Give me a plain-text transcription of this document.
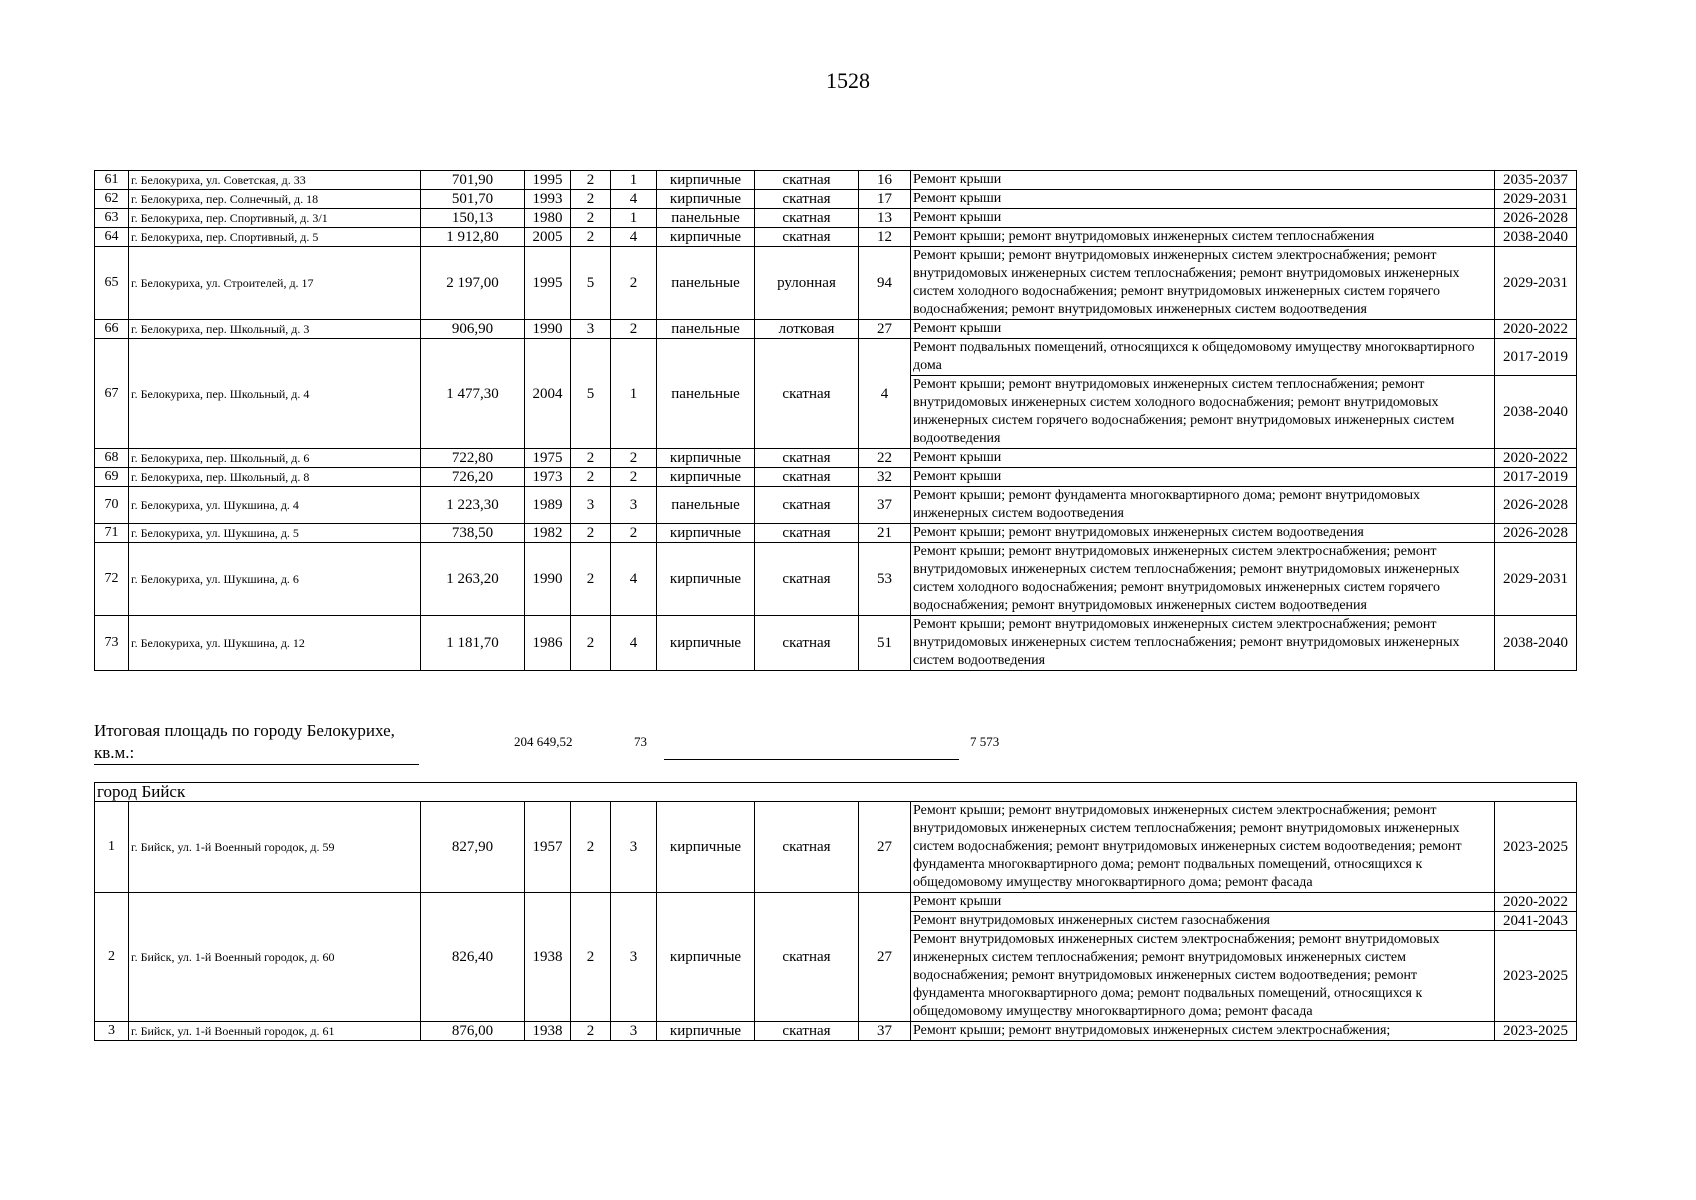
1528
61	г. Белокуриха, ул. Советская, д. 33	701,90	1995	2	1	кирпичные	скатная	16	Ремонт крыши	2035-2037
62	г. Белокуриха, пер. Солнечный, д. 18	501,70	1993	2	4	кирпичные	скатная	17	Ремонт крыши	2029-2031
63	г. Белокуриха, пер. Спортивный, д. 3/1	150,13	1980	2	1	панельные	скатная	13	Ремонт крыши	2026-2028
64	г. Белокуриха, пер. Спортивный, д. 5	1 912,80	2005	2	4	кирпичные	скатная	12	Ремонт крыши; ремонт внутридомовых инженерных систем теплоснабжения	2038-2040
65	г. Белокуриха, ул. Строителей, д. 17	2 197,00	1995	5	2	панельные	рулонная	94	Ремонт крыши; ремонт внутридомовых инженерных систем электроснабжения; ремонт внутридомовых инженерных систем теплоснабжения; ремонт внутридомовых инженерных систем холодного водоснабжения; ремонт внутридомовых инженерных систем горячего водоснабжения; ремонт внутридомовых инженерных систем водоотведения	2029-2031
66	г. Белокуриха, пер. Школьный, д. 3	906,90	1990	3	2	панельные	лотковая	27	Ремонт крыши	2020-2022
67	г. Белокуриха, пер. Школьный, д. 4	1 477,30	2004	5	1	панельные	скатная	4	Ремонт подвальных помещений, относящихся к общедомовому имуществу многоквартирного дома	2017-2019
									Ремонт крыши; ремонт внутридомовых инженерных систем теплоснабжения; ремонт внутридомовых инженерных систем холодного водоснабжения; ремонт внутридомовых инженерных систем горячего водоснабжения; ремонт внутридомовых инженерных систем водоотведения	2038-2040
68	г. Белокуриха, пер. Школьный, д. 6	722,80	1975	2	2	кирпичные	скатная	22	Ремонт крыши	2020-2022
69	г. Белокуриха, пер. Школьный, д. 8	726,20	1973	2	2	кирпичные	скатная	32	Ремонт крыши	2017-2019
70	г. Белокуриха, ул. Шукшина, д. 4	1 223,30	1989	3	3	панельные	скатная	37	Ремонт крыши; ремонт фундамента многоквартирного дома; ремонт внутридомовых инженерных систем водоотведения	2026-2028
71	г. Белокуриха, ул. Шукшина, д. 5	738,50	1982	2	2	кирпичные	скатная	21	Ремонт крыши; ремонт внутридомовых инженерных систем водоотведения	2026-2028
72	г. Белокуриха, ул. Шукшина, д. 6	1 263,20	1990	2	4	кирпичные	скатная	53	Ремонт крыши; ремонт внутридомовых инженерных систем электроснабжения; ремонт внутридомовых инженерных систем теплоснабжения; ремонт внутридомовых инженерных систем холодного водоснабжения; ремонт внутридомовых инженерных систем горячего водоснабжения; ремонт внутридомовых инженерных систем водоотведения	2029-2031
73	г. Белокуриха, ул. Шукшина, д. 12	1 181,70	1986	2	4	кирпичные	скатная	51	Ремонт крыши; ремонт внутридомовых инженерных систем электроснабжения; ремонт внутридомовых инженерных систем теплоснабжения; ремонт внутридомовых инженерных систем водоотведения	2038-2040
Итоговая площадь по городу Белокурихе, кв.м.:
204 649,52	73	7 573
город Бийск										
1	г. Бийск, ул. 1-й Военный городок, д. 59	827,90	1957	2	3	кирпичные	скатная	27	Ремонт крыши; ремонт внутридомовых инженерных систем электроснабжения; ремонт внутридомовых инженерных систем теплоснабжения; ремонт внутридомовых инженерных систем водоснабжения; ремонт внутридомовых инженерных систем водоотведения; ремонт фундамента многоквартирного дома; ремонт подвальных помещений, относящихся к общедомовому имуществу многоквартирного дома; ремонт фасада	2023-2025
2	г. Бийск, ул. 1-й Военный городок, д. 60	826,40	1938	2	3	кирпичные	скатная	27	Ремонт крыши	2020-2022
									Ремонт внутридомовых инженерных систем газоснабжения	2041-2043
									Ремонт внутридомовых инженерных систем электроснабжения; ремонт внутридомовых инженерных систем теплоснабжения; ремонт внутридомовых инженерных систем водоснабжения; ремонт внутридомовых инженерных систем водоотведения; ремонт фундамента многоквартирного дома; ремонт подвальных помещений, относящихся к общедомовому имуществу многоквартирного дома; ремонт фасада	2023-2025
3	г. Бийск, ул. 1-й Военный городок, д. 61	876,00	1938	2	3	кирпичные	скатная	37	Ремонт крыши; ремонт внутридомовых инженерных систем электроснабжения;	2023-2025
